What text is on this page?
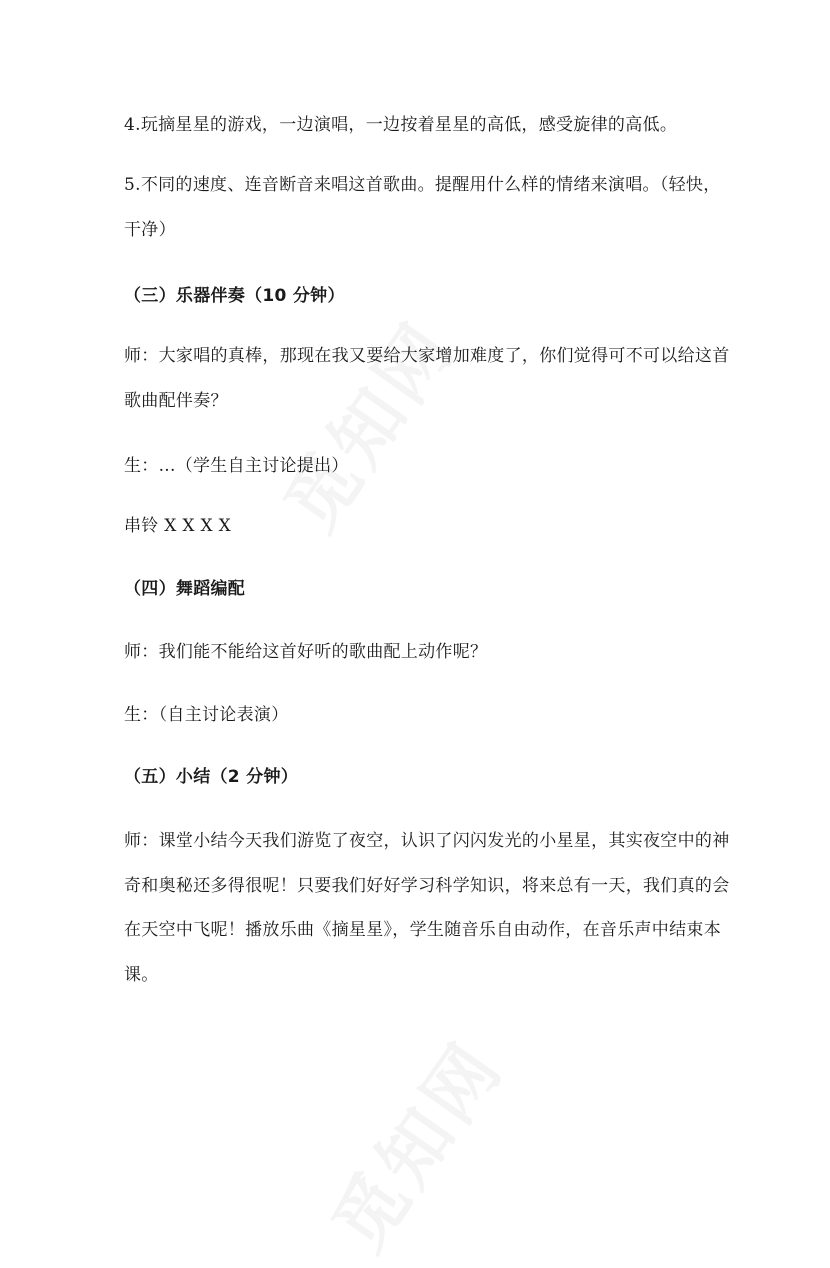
4.玩摘星星的游戏，一边演唱，一边按着星星的高低，感受旋律的高低。
5.不同的速度、连音断音来唱这首歌曲。提醒用什么样的情绪来演唱。（轻快，
干净）
（三）乐器伴奏（10 分钟）
师：大家唱的真棒，那现在我又要给大家增加难度了，你们觉得可不可以给这首
歌曲配伴奏？
生：...（学生自主讨论提出）
串铃 X X X X
（四）舞蹈编配
师：我们能不能给这首好听的歌曲配上动作呢？
生：（自主讨论表演）
（五）小结（2 分钟）
师：课堂小结今天我们游览了夜空，认识了闪闪发光的小星星，其实夜空中的神
奇和奥秘还多得很呢！只要我们好好学习科学知识，将来总有一天，我们真的会
在天空中飞呢！播放乐曲《摘星星》，学生随音乐自由动作，在音乐声中结束本
课。
